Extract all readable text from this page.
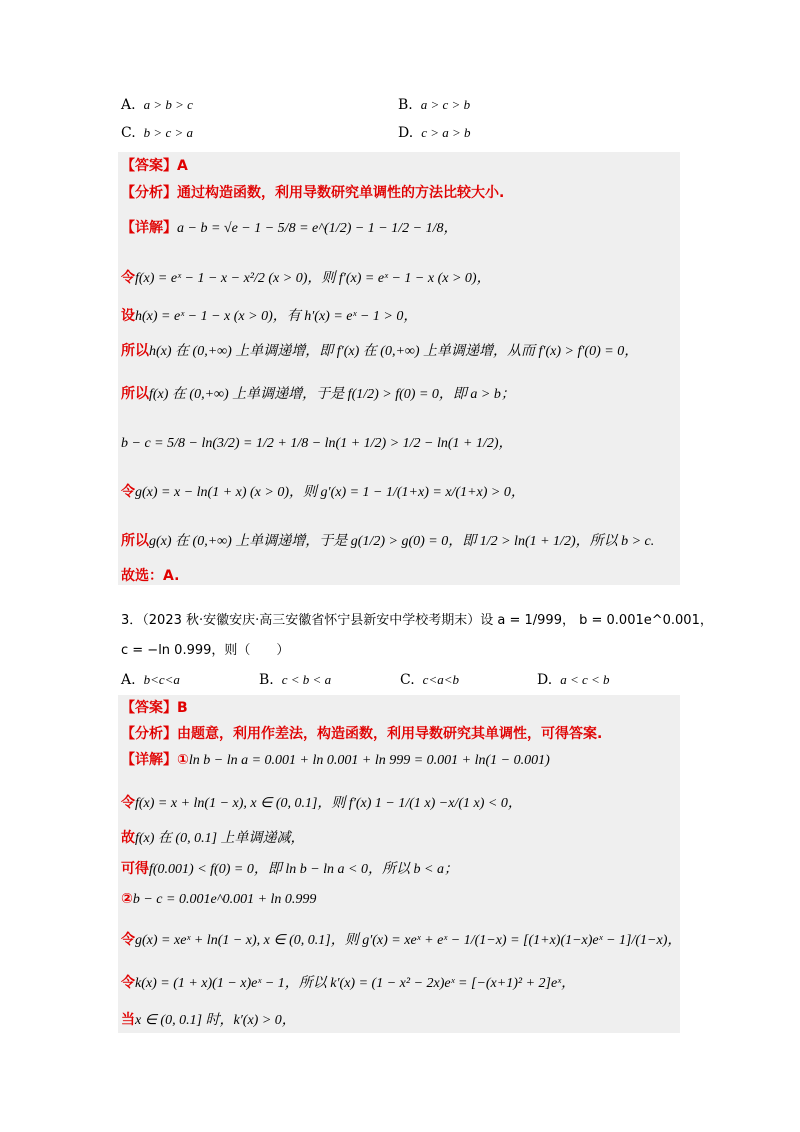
A. a > b > c	B. a > c > b
C. b > c > a	D. c > a > b
【答案】A
【分析】通过构造函数，利用导数研究单调性的方法比较大小.
【详解】a − b = √e − 1 − 5/8 = e^(1/2) − 1 − 1/2 − 1/8，
令f(x) = eˣ − 1 − x − x²/2 (x > 0)，则 f′(x) = eˣ − 1 − x (x > 0)，
设h(x) = eˣ − 1 − x (x > 0)，有 h′(x) = eˣ − 1 > 0，
所以h(x) 在 (0,+∞) 上单调递增，即 f′(x) 在 (0,+∞) 上单调递增，从而 f′(x) > f′(0) = 0，
所以f(x) 在 (0,+∞) 上单调递增，于是 f(1/2) > f(0) = 0，即 a > b；
b − c = 5/8 − ln(3/2) = 1/2 + 1/8 − ln(1 + 1/2) > 1/2 − ln(1 + 1/2)，
令g(x) = x − ln(1 + x) (x > 0)，则 g′(x) = 1 − 1/(1+x) = x/(1+x) > 0，
所以g(x) 在 (0,+∞) 上单调递增，于是 g(1/2) > g(0) = 0，即 1/2 > ln(1 + 1/2)，所以 b > c.
故选：A.
3．（2023 秋·安徽安庆·高三安徽省怀宁县新安中学校考期末）设 a = 1/999， b = 0.001e^0.001，
c = −ln 0.999，则（　　）
A. b<c<a	B. c < b < a	C. c<a<b	D. a < c < b
【答案】B
【分析】由题意，利用作差法，构造函数，利用导数研究其单调性，可得答案.
【详解】①ln b − ln a = 0.001 + ln 0.001 + ln 999 = 0.001 + ln(1 − 0.001)
令f(x) = x + ln(1 − x), x ∈ (0, 0.1]，则 f′(x) 1 − 1/(1 x) −x/(1 x) < 0，
故f(x) 在 (0, 0.1] 上单调递减，
可得f(0.001) < f(0) = 0，即 ln b − ln a < 0，所以 b < a；
②b − c = 0.001e^0.001 + ln 0.999
令g(x) = xeˣ + ln(1 − x), x ∈ (0, 0.1]，则 g′(x) = xeˣ + eˣ − 1/(1−x) = [(1+x)(1−x)eˣ − 1]/(1−x)，
令k(x) = (1 + x)(1 − x)eˣ − 1，所以 k′(x) = (1 − x² − 2x)eˣ = [−(x+1)² + 2]eˣ，
当x ∈ (0, 0.1] 时，k′(x) > 0，
